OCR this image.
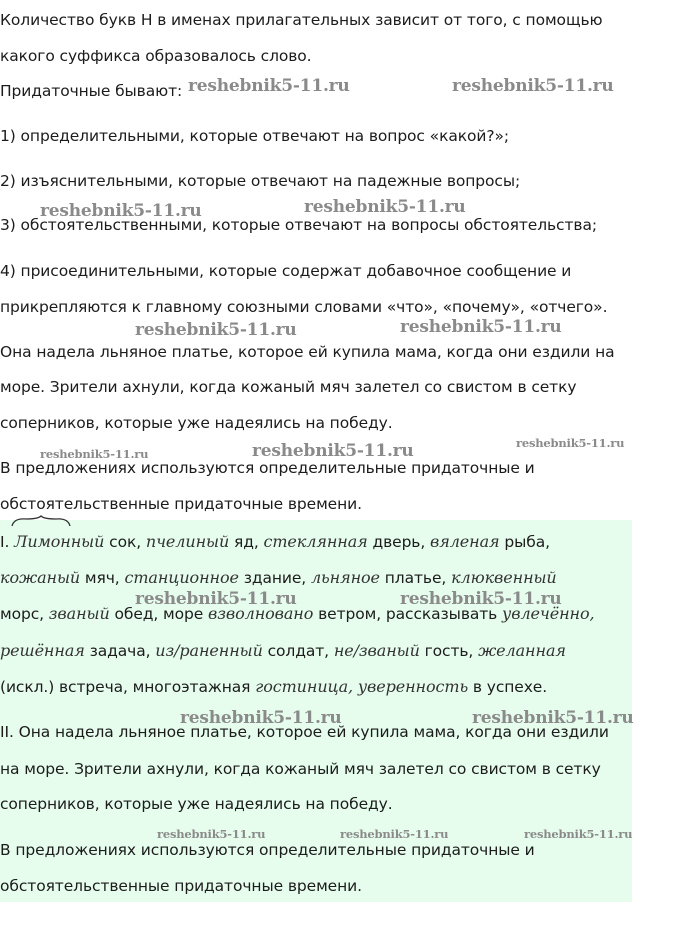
Количество букв Н в именах прилагательных зависит от того, с помощью
какого суффикса образовалось слово.
Придаточные бывают:
1) определительными, которые отвечают на вопрос «какой?»;
2) изъяснительными, которые отвечают на падежные вопросы;
3) обстоятельственными, которые отвечают на вопросы обстоятельства;
4) присоединительными, которые содержат добавочное сообщение и
прикрепляются к главному союзными словами «что», «почему», «отчего».
Она надела льняное платье, которое ей купила мама, когда они ездили на
море. Зрители ахнули, когда кожаный мяч залетел со свистом в сетку
соперников, которые уже надеялись на победу.
В предложениях используются определительные придаточные и
обстоятельственные придаточные времени.
I. Лимонный сок, пчелиный яд, стеклянная дверь, вяленая рыба,
кожаный мяч, станционное здание, льняное платье, клюквенный
морс, званый обед, море взволновано ветром, рассказывать увлечённо,
решённая задача, из/раненный солдат, не/званый гость, желанная
(искл.) встреча, многоэтажная гостиница, уверенность в успехе.
II. Она надела льняное платье, которое ей купила мама, когда они ездили
на море. Зрители ахнули, когда кожаный мяч залетел со свистом в сетку
соперников, которые уже надеялись на победу.
В предложениях используются определительные придаточные и
обстоятельственные придаточные времени.
reshebnik5-11.ru	reshebnik5-11.ru
reshebnik5-11.ru	reshebnik5-11.ru
reshebnik5-11.ru	reshebnik5-11.ru
reshebnik5-11.ru	reshebnik5-11.ru	reshebnik5-11.ru
reshebnik5-11.ru	reshebnik5-11.ru
reshebnik5-11.ru	reshebnik5-11.ru
reshebnik5-11.ru	reshebnik5-11.ru	reshebnik5-11.ru
